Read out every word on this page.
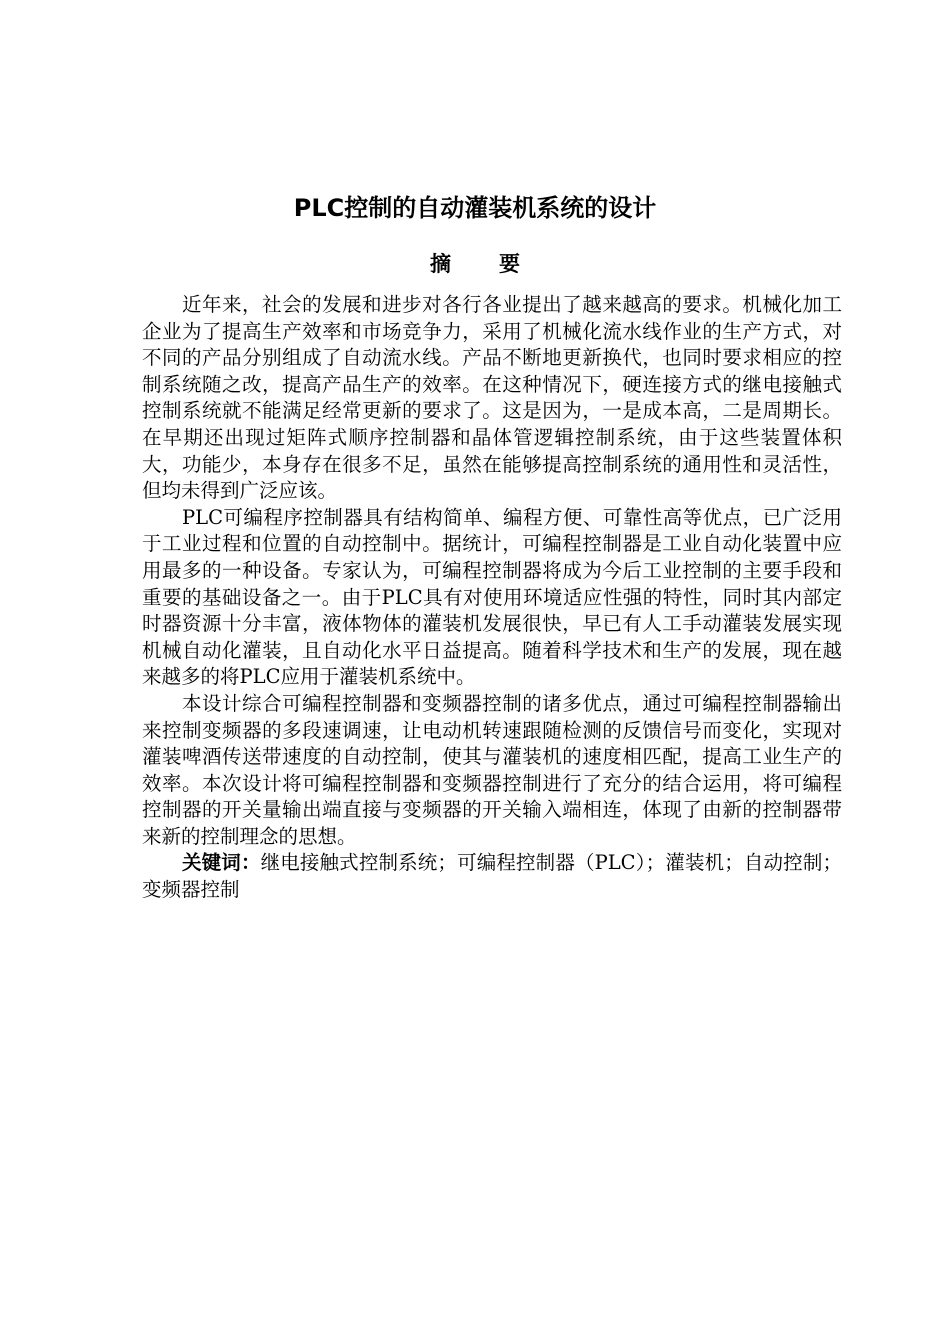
PLC控制的自动灌装机系统的设计
摘要

近年来，社会的发展和进步对各行各业提出了越来越高的要求。机械化加工企业为了提高生产效率和市场竞争力，采用了机械化流水线作业的生产方式，对不同的产品分别组成了自动流水线。产品不断地更新换代，也同时要求相应的控制系统随之改，提高产品生产的效率。在这种情况下，硬连接方式的继电接触式控制系统就不能满足经常更新的要求了。这是因为，一是成本高，二是周期长。在早期还出现过矩阵式顺序控制器和晶体管逻辑控制系统，由于这些装置体积大，功能少，本身存在很多不足，虽然在能够提高控制系统的通用性和灵活性，但均未得到广泛应该。

PLC可编程序控制器具有结构简单、编程方便、可靠性高等优点，已广泛用于工业过程和位置的自动控制中。据统计，可编程控制器是工业自动化装置中应用最多的一种设备。专家认为，可编程控制器将成为今后工业控制的主要手段和重要的基础设备之一。由于PLC具有对使用环境适应性强的特性，同时其内部定时器资源十分丰富，液体物体的灌装机发展很快，早已有人工手动灌装发展实现机械自动化灌装，且自动化水平日益提高。随着科学技术和生产的发展，现在越来越多的将PLC应用于灌装机系统中。

本设计综合可编程控制器和变频器控制的诸多优点，通过可编程控制器输出来控制变频器的多段速调速，让电动机转速跟随检测的反馈信号而变化，实现对灌装啤酒传送带速度的自动控制，使其与灌装机的速度相匹配，提高工业生产的效率。本次设计将可编程控制器和变频器控制进行了充分的结合运用，将可编程控制器的开关量输出端直接与变频器的开关输入端相连，体现了由新的控制器带来新的控制理念的思想。

关键词：继电接触式控制系统；可编程控制器（PLC）；灌装机；自动控制；变频器控制
